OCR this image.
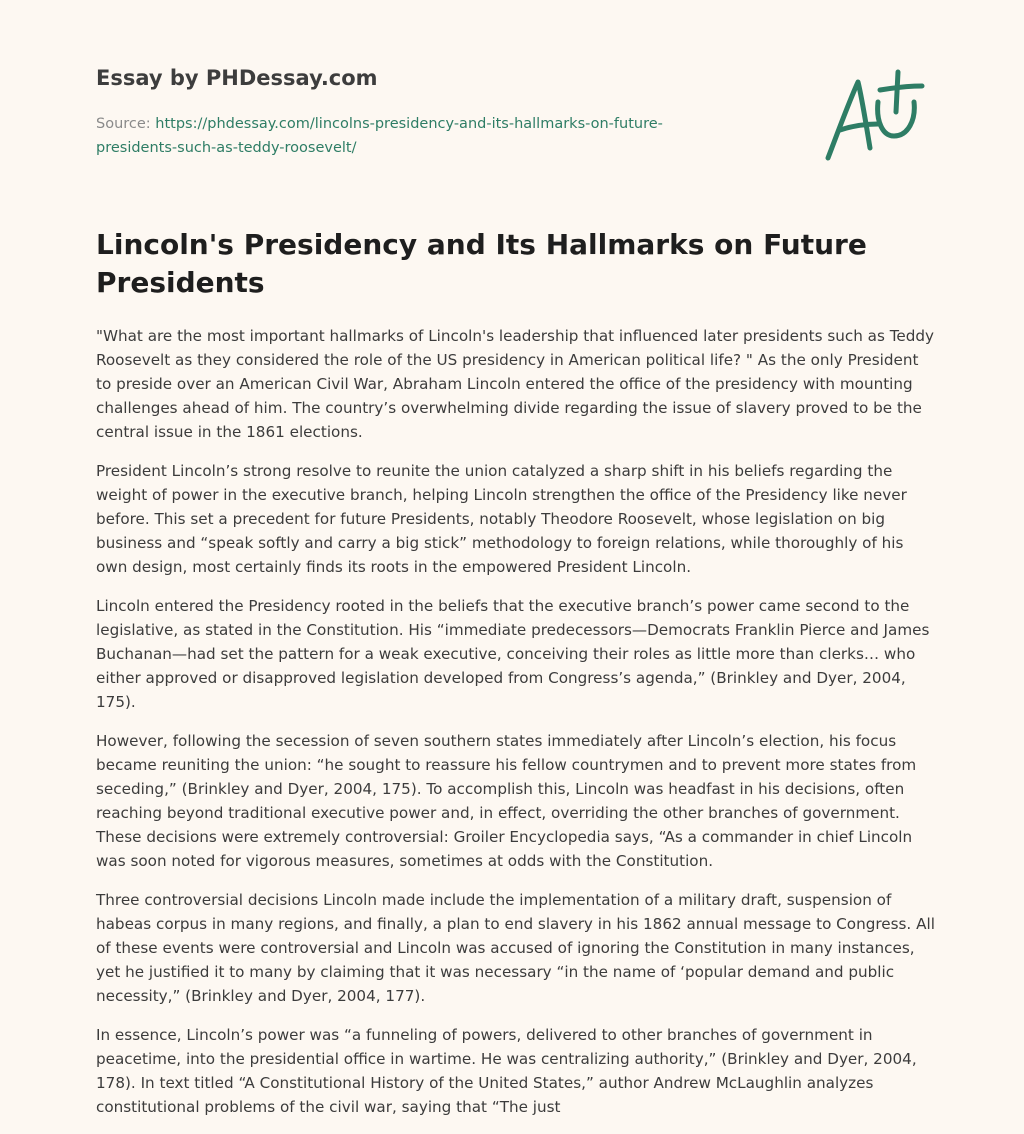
Essay by PHDessay.com
Source: https://phdessay.com/lincolns-presidency-and-its-hallmarks-on-future-presidents-such-as-teddy-roosevelt/
Lincoln's Presidency and Its Hallmarks on Future Presidents

"What are the most important hallmarks of Lincoln's leadership that influenced later presidents such as Teddy Roosevelt as they considered the role of the US presidency in American political life? " As the only President to preside over an American Civil War, Abraham Lincoln entered the office of the presidency with mounting challenges ahead of him. The country’s overwhelming divide regarding the issue of slavery proved to be the central issue in the 1861 elections.

President Lincoln’s strong resolve to reunite the union catalyzed a sharp shift in his beliefs regarding the weight of power in the executive branch, helping Lincoln strengthen the office of the Presidency like never before. This set a precedent for future Presidents, notably Theodore Roosevelt, whose legislation on big business and “speak softly and carry a big stick” methodology to foreign relations, while thoroughly of his own design, most certainly finds its roots in the empowered President Lincoln.

Lincoln entered the Presidency rooted in the beliefs that the executive branch’s power came second to the legislative, as stated in the Constitution. His “immediate predecessors—Democrats Franklin Pierce and James Buchanan—had set the pattern for a weak executive, conceiving their roles as little more than clerks… who either approved or disapproved legislation developed from Congress’s agenda,” (Brinkley and Dyer, 2004, 175).

However, following the secession of seven southern states immediately after Lincoln’s election, his focus became reuniting the union: “he sought to reassure his fellow countrymen and to prevent more states from seceding,” (Brinkley and Dyer, 2004, 175). To accomplish this, Lincoln was headfast in his decisions, often reaching beyond traditional executive power and, in effect, overriding the other branches of government. These decisions were extremely controversial: Groiler Encyclopedia says, “As a commander in chief Lincoln was soon noted for vigorous measures, sometimes at odds with the Constitution.

Three controversial decisions Lincoln made include the implementation of a military draft, suspension of habeas corpus in many regions, and finally, a plan to end slavery in his 1862 annual message to Congress. All of these events were controversial and Lincoln was accused of ignoring the Constitution in many instances, yet he justified it to many by claiming that it was necessary “in the name of ‘popular demand and public necessity,” (Brinkley and Dyer, 2004, 177).

In essence, Lincoln’s power was “a funneling of powers, delivered to other branches of government in peacetime, into the presidential office in wartime. He was centralizing authority,” (Brinkley and Dyer, 2004, 178). In text titled “A Constitutional History of the United States,” author Andrew McLaughlin analyzes constitutional problems of the civil war, saying that “The just
